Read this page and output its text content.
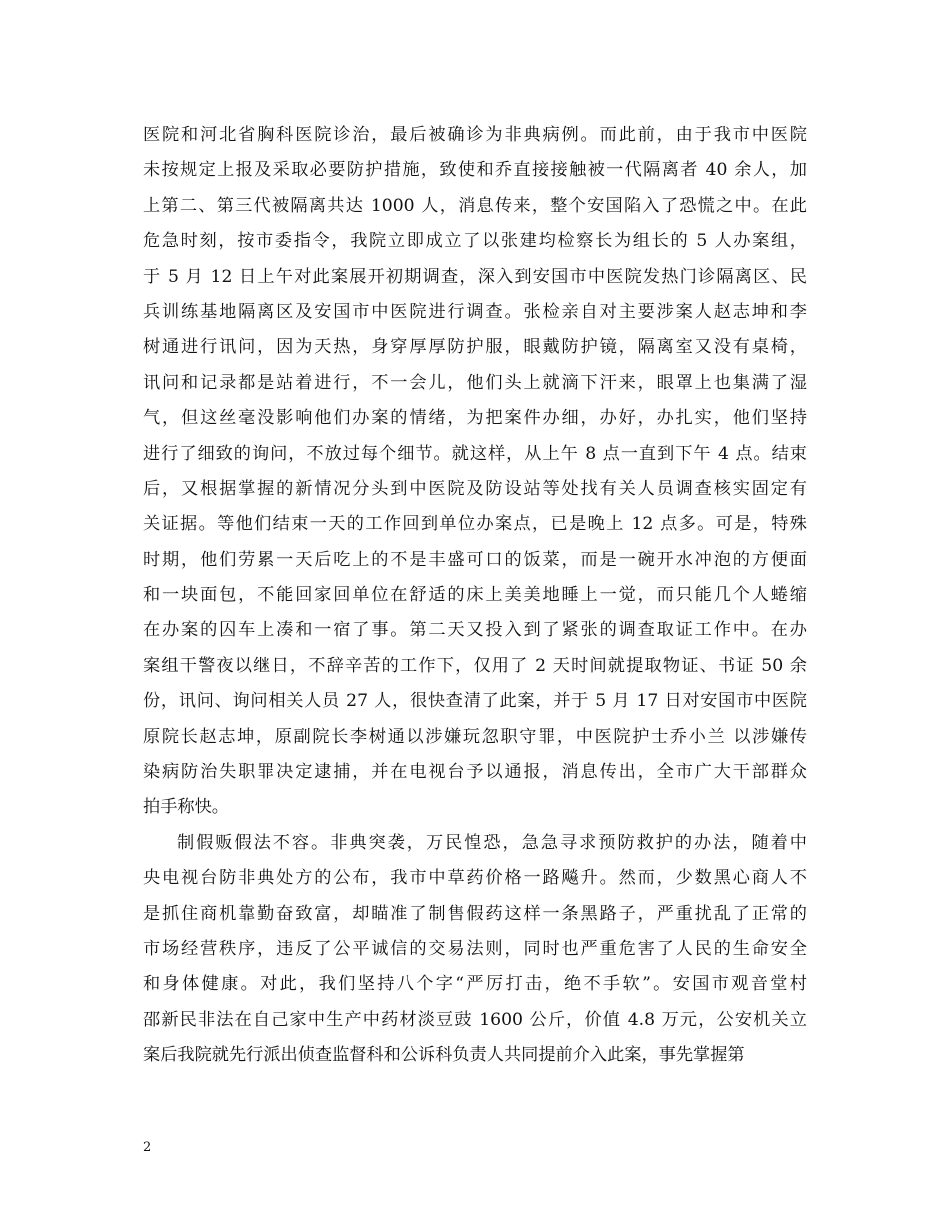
医院和河北省胸科医院诊治，最后被确诊为非典病例。而此前，由于我市中医院
未按规定上报及采取必要防护措施，致使和乔直接接触被一代隔离者 40 余人，加
上第二、第三代被隔离共达 1000 人，消息传来，整个安国陷入了恐慌之中。在此
危急时刻，按市委指令，我院立即成立了以张建均检察长为组长的 5 人办案组，
于 5 月 12 日上午对此案展开初期调查，深入到安国市中医院发热门诊隔离区、民
兵训练基地隔离区及安国市中医院进行调查。张检亲自对主要涉案人赵志坤和李
树通进行讯问，因为天热，身穿厚厚防护服，眼戴防护镜，隔离室又没有桌椅，
讯问和记录都是站着进行，不一会儿，他们头上就滴下汗来，眼罩上也集满了湿
气，但这丝毫没影响他们办案的情绪，为把案件办细，办好，办扎实，他们坚持
进行了细致的询问，不放过每个细节。就这样，从上午 8 点一直到下午 4 点。结束
后，又根据掌握的新情况分头到中医院及防设站等处找有关人员调查核实固定有
关证据。等他们结束一天的工作回到单位办案点，已是晚上 12 点多。可是，特殊
时期，他们劳累一天后吃上的不是丰盛可口的饭菜，而是一碗开水冲泡的方便面
和一块面包，不能回家回单位在舒适的床上美美地睡上一觉，而只能几个人蜷缩
在办案的囚车上凑和一宿了事。第二天又投入到了紧张的调查取证工作中。在办
案组干警夜以继日，不辞辛苦的工作下，仅用了 2 天时间就提取物证、书证 50 余
份，讯问、询问相关人员 27 人，很快查清了此案，并于 5 月 17 日对安国市中医院
原院长赵志坤，原副院长李树通以涉嫌玩忽职守罪，中医院护士乔小兰 以涉嫌传
染病防治失职罪决定逮捕，并在电视台予以通报，消息传出，全市广大干部群众
拍手称快。
制假贩假法不容。非典突袭，万民惶恐，急急寻求预防救护的办法，随着中
央电视台防非典处方的公布，我市中草药价格一路飚升。然而，少数黑心商人不
是抓住商机靠勤奋致富，却瞄准了制售假药这样一条黑路子，严重扰乱了正常的
市场经营秩序，违反了公平诚信的交易法则，同时也严重危害了人民的生命安全
和身体健康。对此，我们坚持八个字“严厉打击，绝不手软”。安国市观音堂村
邵新民非法在自己家中生产中药材淡豆豉 1600 公斤，价值 4.8 万元，公安机关立
案后我院就先行派出侦查监督科和公诉科负责人共同提前介入此案，事先掌握第
2
